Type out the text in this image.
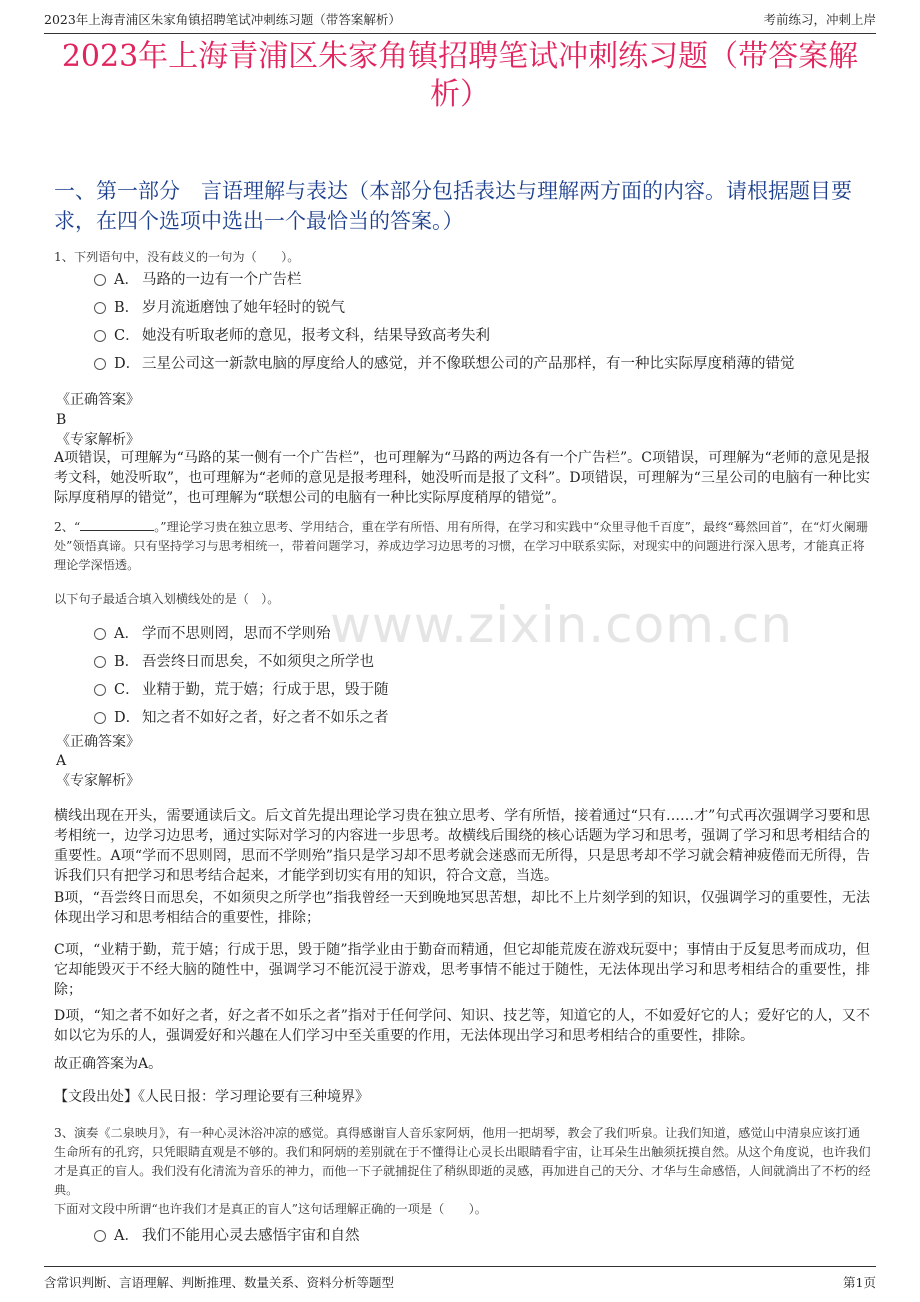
2023年上海青浦区朱家角镇招聘笔试冲刺练习题（带答案解析）	考前练习，冲刺上岸
2023年上海青浦区朱家角镇招聘笔试冲刺练习题（带答案解析）
一、第一部分　言语理解与表达（本部分包括表达与理解两方面的内容。请根据题目要求，在四个选项中选出一个最恰当的答案。）
www.zixin.com.cn
1、下列语句中，没有歧义的一句为（　　）。
A． 马路的一边有一个广告栏
B． 岁月流逝磨蚀了她年轻时的锐气
C． 她没有听取老师的意见，报考文科，结果导致高考失利
D． 三星公司这一新款电脑的厚度给人的感觉，并不像联想公司的产品那样，有一种比实际厚度稍薄的错觉
《正确答案》
B
《专家解析》
A项错误，可理解为“马路的某一侧有一个广告栏”，也可理解为“马路的两边各有一个广告栏”。C项错误，可理解为“老师的意见是报考文科，她没听取”，也可理解为“老师的意见是报考理科，她没听而是报了文科”。D项错误，可理解为“三星公司的电脑有一种比实际厚度稍厚的错觉”，也可理解为“联想公司的电脑有一种比实际厚度稍厚的错觉”。
2、“	。”理论学习贵在独立思考、学用结合，重在学有所悟、用有所得，在学习和实践中“众里寻他千百度”，最终“蓦然回首”，在“灯火阑珊处”领悟真谛。只有坚持学习与思考相统一，带着问题学习，养成边学习边思考的习惯，在学习中联系实际，对现实中的问题进行深入思考，才能真正将理论学深悟透。
以下句子最适合填入划横线处的是（　）。
A． 学而不思则罔，思而不学则殆
B． 吾尝终日而思矣，不如须臾之所学也
C． 业精于勤，荒于嬉；行成于思，毁于随
D． 知之者不如好之者，好之者不如乐之者
《正确答案》
A
《专家解析》
横线出现在开头，需要通读后文。后文首先提出理论学习贵在独立思考、学有所悟，接着通过“只有……才”句式再次强调学习要和思考相统一，边学习边思考，通过实际对学习的内容进一步思考。故横线后围绕的核心话题为学习和思考，强调了学习和思考相结合的重要性。A项“学而不思则罔，思而不学则殆”指只是学习却不思考就会迷惑而无所得，只是思考却不学习就会精神疲倦而无所得，告诉我们只有把学习和思考结合起来，才能学到切实有用的知识，符合文意，当选。
B项，“吾尝终日而思矣，不如须臾之所学也”指我曾经一天到晚地冥思苦想，却比不上片刻学到的知识，仅强调学习的重要性，无法体现出学习和思考相结合的重要性，排除；
C项，“业精于勤，荒于嬉；行成于思，毁于随”指学业由于勤奋而精通，但它却能荒废在游戏玩耍中；事情由于反复思考而成功，但它却能毁灭于不经大脑的随性中，强调学习不能沉浸于游戏，思考事情不能过于随性，无法体现出学习和思考相结合的重要性，排除；
D项，“知之者不如好之者，好之者不如乐之者”指对于任何学问、知识、技艺等，知道它的人，不如爱好它的人；爱好它的人，又不如以它为乐的人，强调爱好和兴趣在人们学习中至关重要的作用，无法体现出学习和思考相结合的重要性，排除。
故正确答案为A。
【文段出处】《人民日报：学习理论要有三种境界》
3、演奏《二泉映月》，有一种心灵沐浴冲凉的感觉。真得感谢盲人音乐家阿炳，他用一把胡琴，教会了我们听泉。让我们知道，感觉山中清泉应该打通生命所有的孔窍，只凭眼睛直观是不够的。我们和阿炳的差别就在于不懂得让心灵长出眼睛看宇宙，让耳朵生出触须抚摸自然。从这个角度说，也许我们才是真正的盲人。我们没有化清流为音乐的神力，而他一下子就捕捉住了稍纵即逝的灵感，再加进自己的天分、才华与生命感悟，人间就淌出了不朽的经典。
下面对文段中所谓“也许我们才是真正的盲人”这句话理解正确的一项是（　　）。
A． 我们不能用心灵去感悟宇宙和自然
含常识判断、言语理解、判断推理、数量关系、资料分析等题型	第1页
